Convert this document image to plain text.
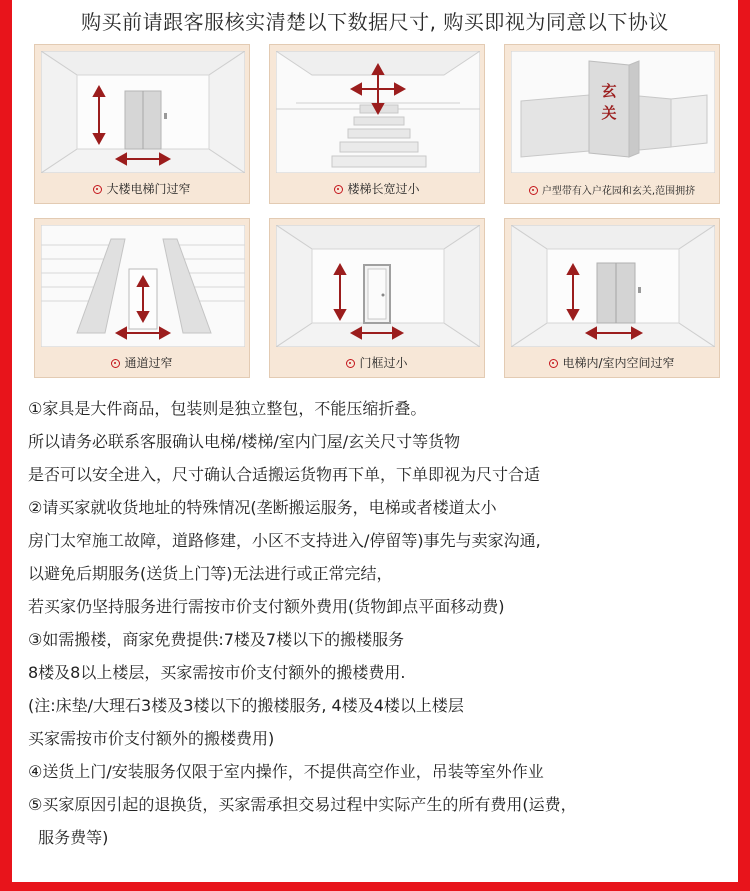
购买前请跟客服核实清楚以下数据尺寸, 购买即视为同意以下协议
大楼电梯门过窄	楼梯长宽过小
玄
关
户型带有入户花园和玄关,范围拥挤
通道过窄	门框过小	电梯内/室内空间过窄

①家具是大件商品，包装则是独立整包，不能压缩折叠。

所以请务必联系客服确认电梯/楼梯/室内门屋/玄关尺寸等货物

是否可以安全进入，尺寸确认合适搬运货物再下单，下单即视为尺寸合适

②请买家就收货地址的特殊情况(垄断搬运服务，电梯或者楼道太小

房门太窄施工故障，道路修建，小区不支持进入/停留等)事先与卖家沟通,

以避免后期服务(送货上门等)无法进行或正常完结，

若买家仍坚持服务进行需按市价支付额外费用(货物卸点平面移动费)

③如需搬楼，商家免费提供:7楼及7楼以下的搬楼服务

8楼及8以上楼层，买家需按市价支付额外的搬楼费用.

(注:床垫/大理石3楼及3楼以下的搬楼服务, 4楼及4楼以上楼层

买家需按市价支付额外的搬楼费用)

④送货上门/安装服务仅限于室内操作，不提供高空作业，吊装等室外作业

⑤买家原因引起的退换货，买家需承担交易过程中实际产生的所有费用(运费，

服务费等)
